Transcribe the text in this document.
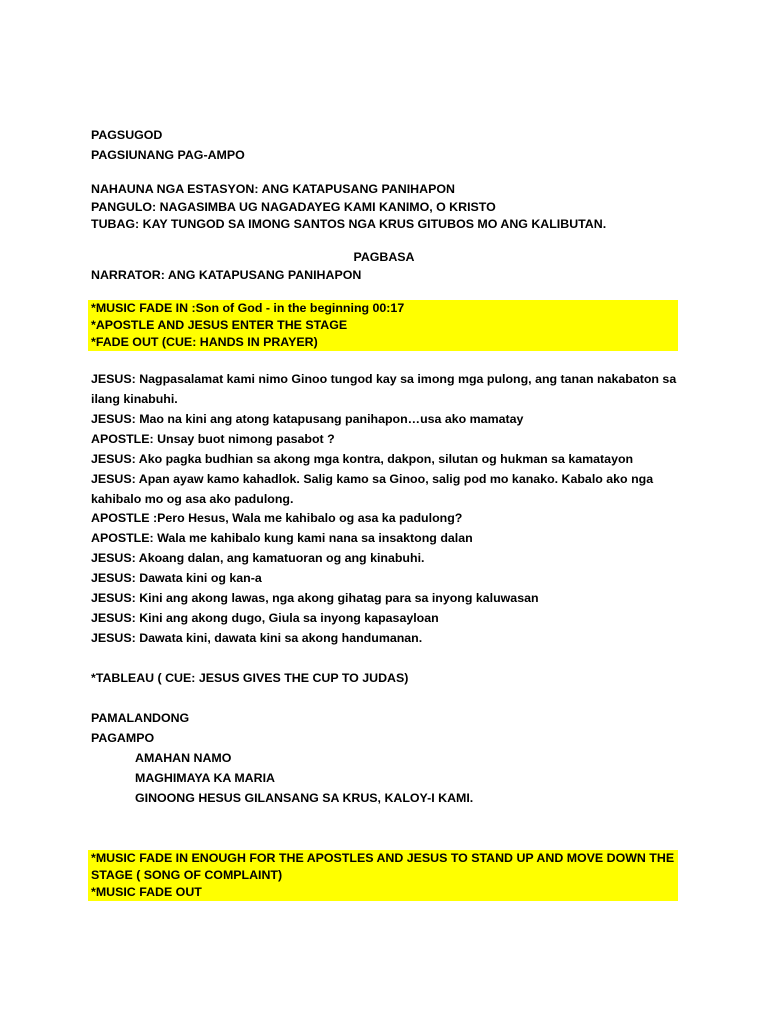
PAGSUGOD
PAGSIUNANG PAG-AMPO
NAHAUNA NGA ESTASYON: ANG KATAPUSANG PANIHAPON
PANGULO: NAGASIMBA UG NAGADAYEG KAMI KANIMO, O KRISTO
TUBAG: KAY TUNGOD SA IMONG SANTOS NGA KRUS GITUBOS MO ANG KALIBUTAN.
PAGBASA
NARRATOR: ANG KATAPUSANG PANIHAPON
*MUSIC FADE IN :Son of God - in the beginning 00:17
*APOSTLE AND JESUS ENTER THE STAGE
*FADE OUT (CUE: HANDS IN PRAYER)
JESUS: Nagpasalamat kami nimo Ginoo tungod kay sa imong mga pulong, ang tanan nakabaton sa ilang kinabuhi.
JESUS: Mao na kini ang atong katapusang panihapon…usa ako mamatay
APOSTLE: Unsay buot nimong pasabot ?
JESUS: Ako pagka budhian sa akong mga kontra, dakpon, silutan og hukman sa kamatayon
JESUS: Apan ayaw kamo kahadlok. Salig kamo sa Ginoo, salig pod mo kanako. Kabalo ako nga kahibalo mo og asa ako padulong.
APOSTLE :Pero Hesus, Wala me kahibalo og asa ka padulong?
APOSTLE: Wala me kahibalo kung kami nana sa insaktong dalan
JESUS: Akoang dalan, ang kamatuoran og ang kinabuhi.
JESUS: Dawata kini og kan-a
JESUS: Kini ang akong lawas, nga akong gihatag para sa inyong kaluwasan
JESUS: Kini ang akong dugo, Giula sa inyong kapasayloan
JESUS: Dawata kini, dawata kini sa akong handumanan.
*TABLEAU ( CUE: JESUS GIVES THE CUP TO JUDAS)
PAMALANDONG
PAGAMPO
AMAHAN NAMO
MAGHIMAYA KA MARIA
GINOONG HESUS GILANSANG SA KRUS, KALOY-I KAMI.
*MUSIC FADE IN ENOUGH FOR THE APOSTLES AND JESUS TO STAND UP AND MOVE DOWN THE STAGE ( SONG OF COMPLAINT)
*MUSIC FADE OUT
